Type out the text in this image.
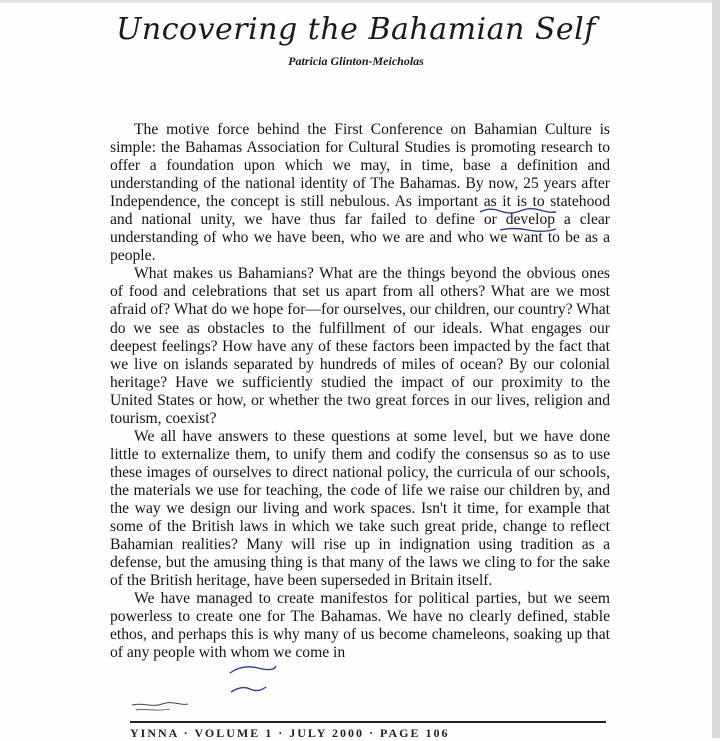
Uncovering the Bahamian Self
Patricia Glinton-Meicholas

The motive force behind the First Conference on Bahamian Culture is simple: the Bahamas Association for Cultural Studies is promoting research to offer a foundation upon which we may, in time, base a definition and understanding of the national identity of The Bahamas. By now, 25 years after Independence, the concept is still nebulous. As important as it is to statehood and national unity, we have thus far failed to define or develop a clear understanding of who we have been, who we are and who we want to be as a people.

What makes us Bahamians? What are the things beyond the obvious ones of food and celebrations that set us apart from all others? What are we most afraid of? What do we hope for—for ourselves, our children, our country? What do we see as obstacles to the fulfillment of our ideals. What engages our deepest feelings? How have any of these factors been impacted by the fact that we live on islands separated by hundreds of miles of ocean? By our colonial heritage? Have we sufficiently studied the impact of our proximity to the United States or how, or whether the two great forces in our lives, religion and tourism, coexist?

We all have answers to these questions at some level, but we have done little to externalize them, to unify them and codify the consensus so as to use these images of ourselves to direct national policy, the curricula of our schools, the materials we use for teaching, the code of life we raise our children by, and the way we design our living and work spaces. Isn't it time, for example that some of the British laws in which we take such great pride, change to reflect Bahamian realities? Many will rise up in indignation using tradition as a defense, but the amusing thing is that many of the laws we cling to for the sake of the British heritage, have been superseded in Britain itself.

We have managed to create manifestos for political parties, but we seem powerless to create one for The Bahamas. We have no clearly defined, stable ethos, and perhaps this is why many of us become chameleons, soaking up that of any people with whom we come in

YINNA · VOLUME 1 · JULY 2000 · PAGE 106
